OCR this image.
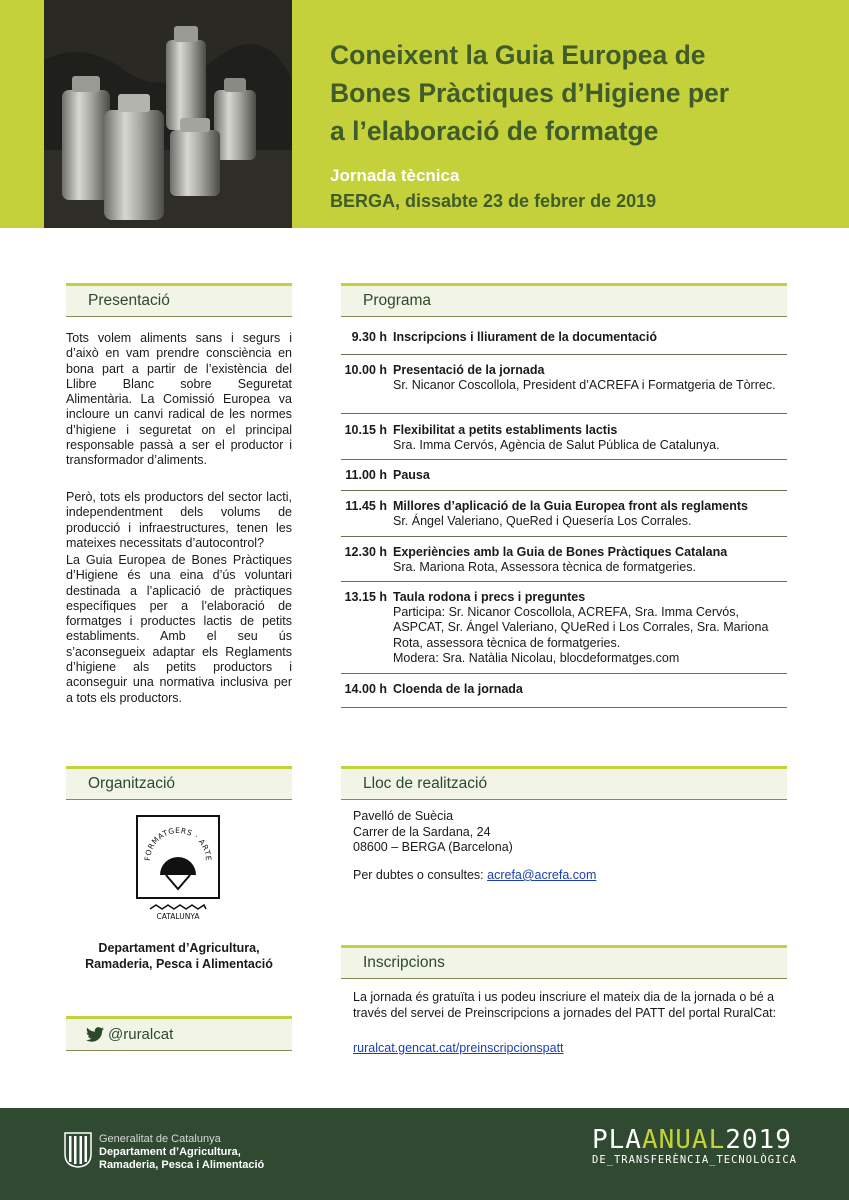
Coneixent la Guia Europea de
Bones Pràctiques d’Higiene per
a l’elaboració de formatge
Jornada tècnica
BERGA, dissabte 23 de febrer de 2019
Presentació
Tots volem aliments sans i segurs i d’això en vam prendre consciència en bona part a partir de l’existència del Llibre Blanc sobre Seguretat Alimentària. La Comissió Europea va incloure un canvi radical de les normes d’higiene i seguretat on el principal responsable passà a ser el productor i transformador d’aliments.
Però, tots els productors del sector lacti, independentment dels volums de producció i infraestructures, tenen les mateixes necessitats d’autocontrol?
La Guia Europea de Bones Pràctiques d’Higiene és una eina d’ús voluntari destinada a l’aplicació de pràctiques específiques per a l’elaboració de formatges i productes lactis de petits establiments. Amb el seu ús s’aconsegueix adaptar els Reglaments d’higiene als petits productors i aconseguir una normativa inclusiva per a tots els productors.
Programa
9.30 h Inscripcions i lliurament de la documentació
10.00 h Presentació de la jornada
Sr. Nicanor Coscollola, President d’ACREFA i Formatgeria de Tòrrec.
10.15 h Flexibilitat a petits establiments lactis
Sra. Imma Cervós, Agència de Salut Pública de Catalunya.
11.00 h Pausa
11.45 h Millores d’aplicació de la Guia Europea front als reglaments
Sr. Ángel Valeriano, QueRed i Quesería Los Corrales.
12.30 h Experiències amb la Guia de Bones Pràctiques Catalana
Sra. Mariona Rota, Assessora tècnica de formatgeries.
13.15 h Taula rodona i precs i preguntes
Participa: Sr. Nicanor Coscollola, ACREFA, Sra. Imma Cervós, ASPCAT, Sr. Ángel Valeriano, QUeRed i Los Corrales, Sra. Mariona Rota, assessora tècnica de formatgeries.
Modera: Sra. Natàlia Nicolau, blocdeformatges.com
14.00 h Cloenda de la jornada
Organització
FORMATGERS · ARTE
CATALUNYA
Departament d’Agricultura,
Ramaderia, Pesca i Alimentació
@ruralcat
Lloc de realització
Pavelló de Suècia
Carrer de la Sardana, 24
08600 – BERGA (Barcelona)
Per dubtes o consultes: acrefa@acrefa.com
Inscripcions
La jornada és gratuïta i us podeu inscriure el mateix dia de la jornada o bé a través del servei de Preinscripcions a jornades del PATT del portal RuralCat:
ruralcat.gencat.cat/preinscripcionspatt
Generalitat de Catalunya
Departament d’Agricultura,
Ramaderia, Pesca i Alimentació
PLAANUAL2019
DE_TRANSFERÈNCIA_TECNOLÒGICA
